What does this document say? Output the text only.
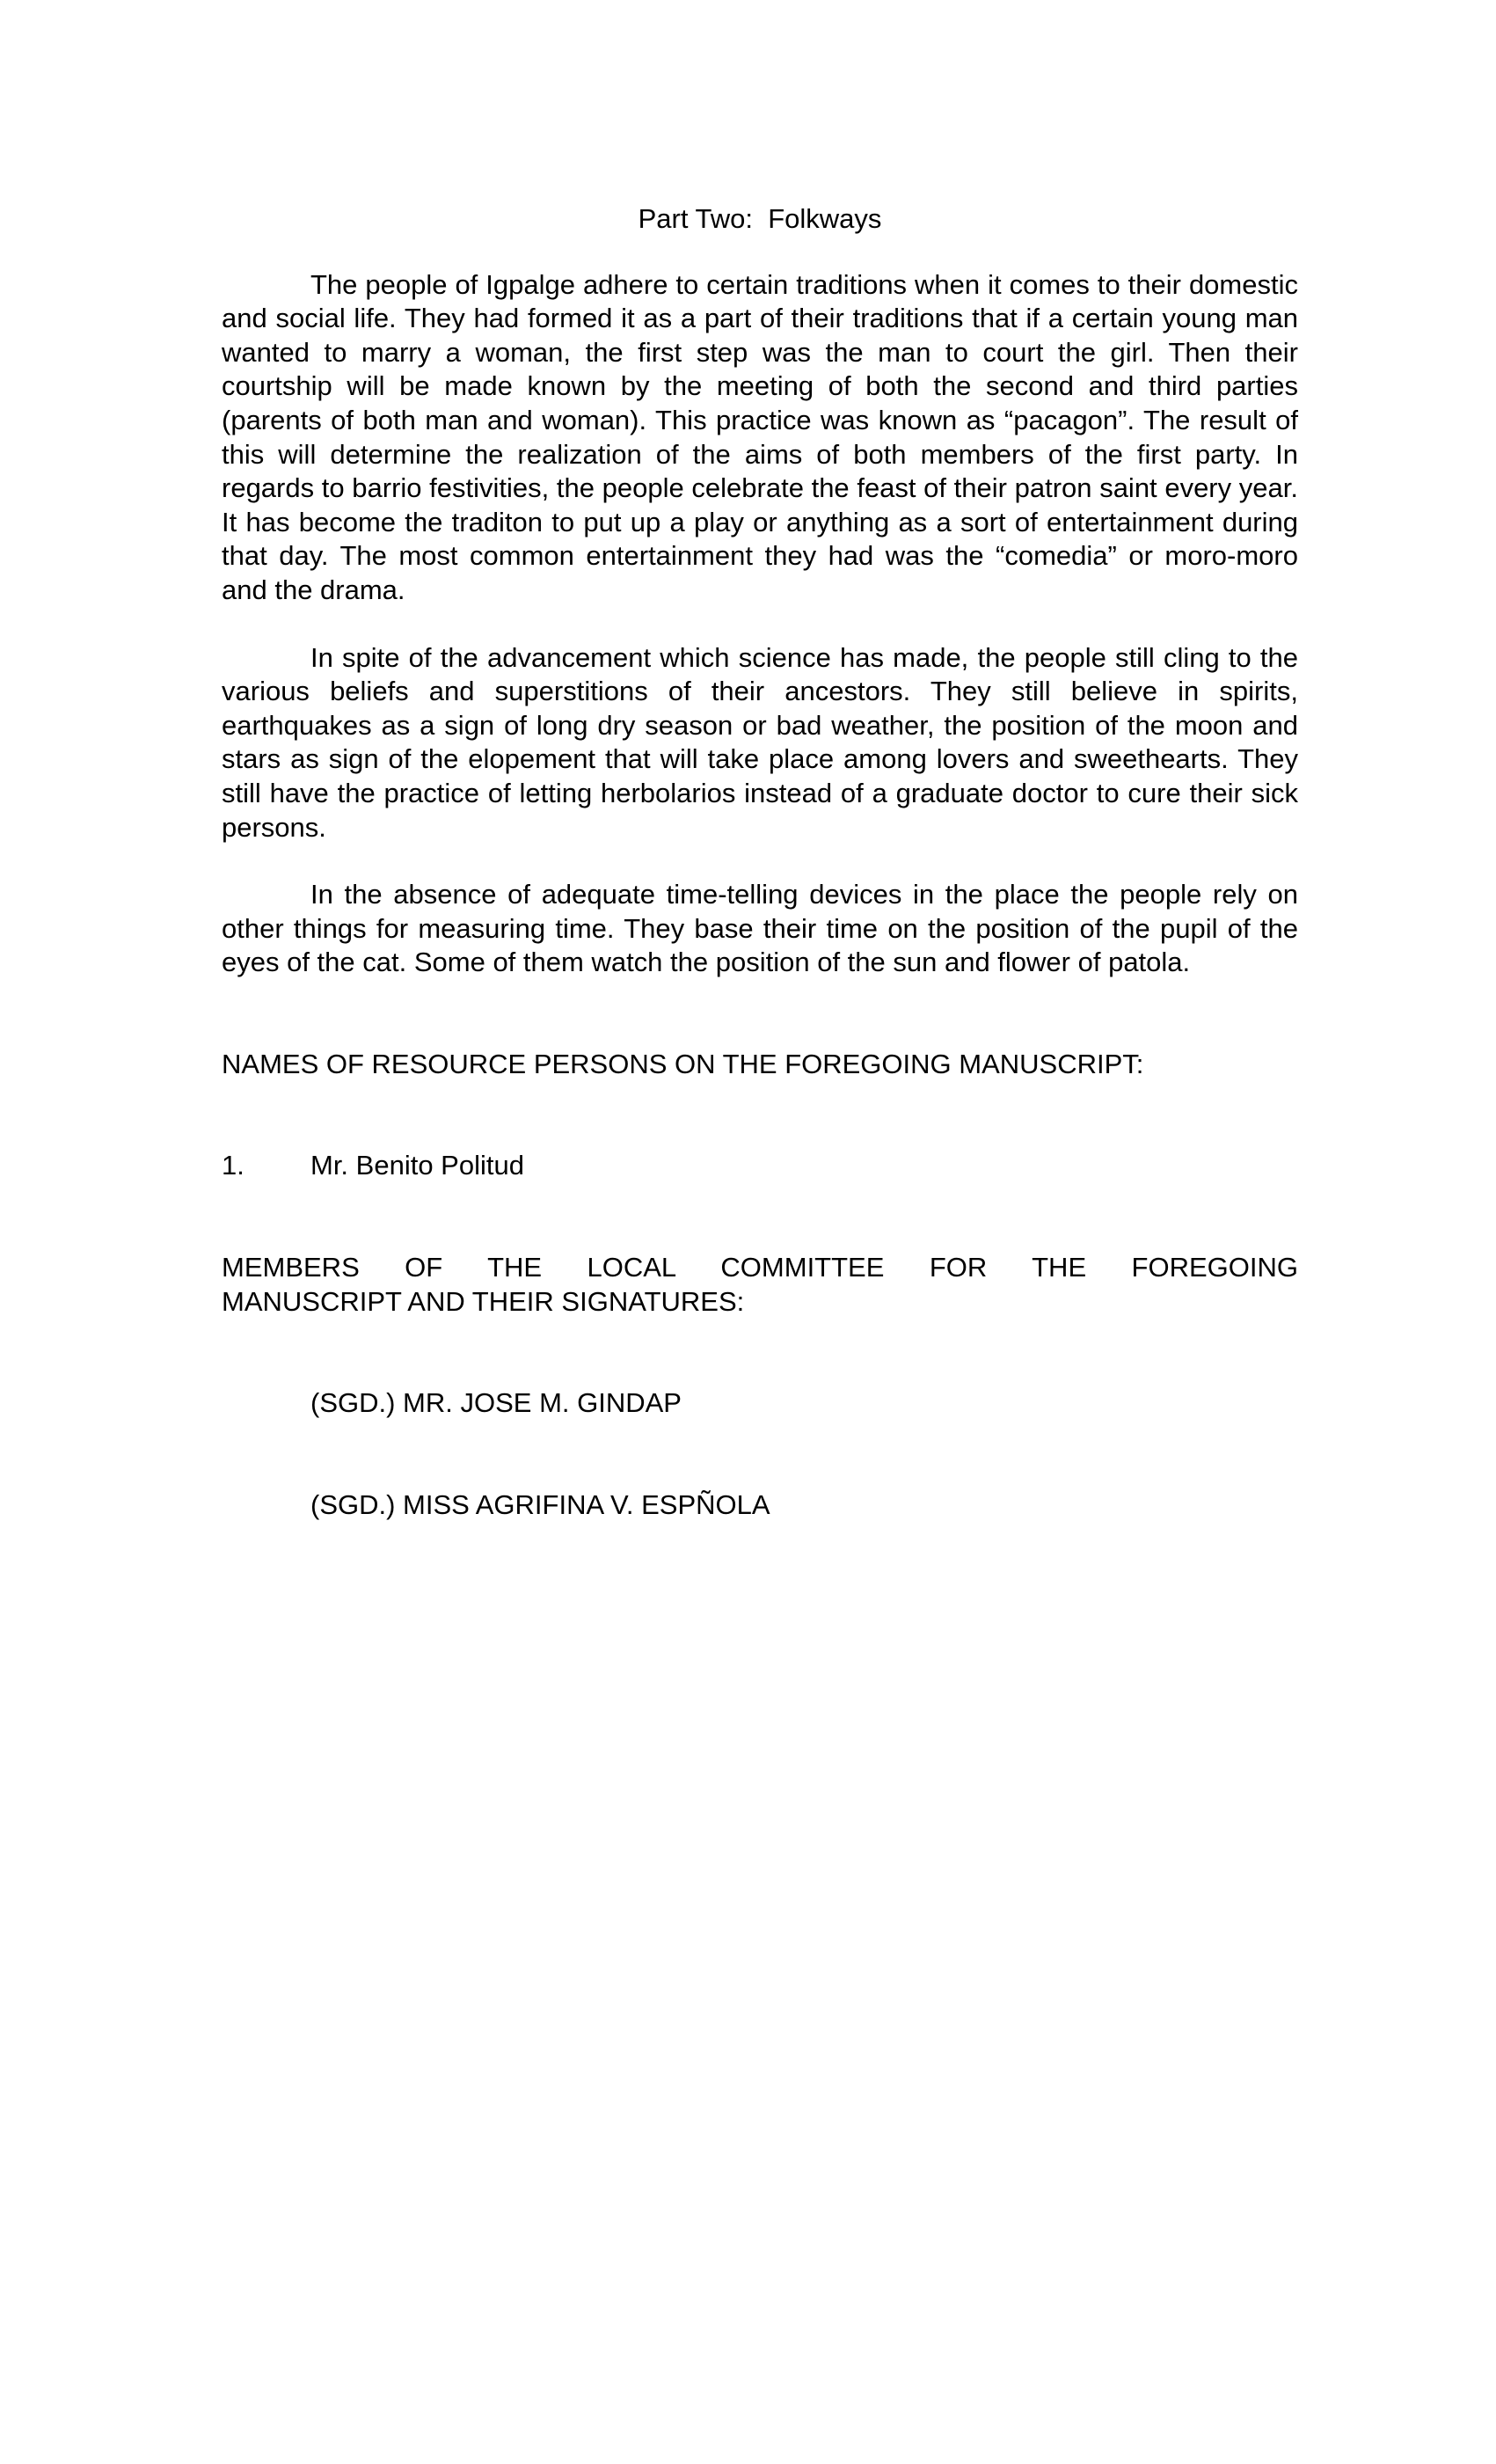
Part Two:  Folkways

The people of Igpalge adhere to certain traditions when it comes to their domestic and social life. They had formed it as a part of their traditions that if a certain young man wanted to marry a woman, the first step was the man to court the girl. Then their courtship will be made known by the meeting of both the second and third parties (parents of both man and woman). This practice was known as “pacagon”. The result of this will determine the realization of the aims of both members of the first party. In regards to barrio festivities, the people celebrate the feast of their patron saint every year. It has become the traditon to put up a play or anything as a sort of entertainment during that day. The most common entertainment they had was the “comedia” or moro-moro and the drama.

In spite of the advancement which science has made, the people still cling to the various beliefs and superstitions of their ancestors. They still believe in spirits, earthquakes as a sign of long dry season or bad weather, the position of the moon and stars as sign of the elopement that will take place among lovers and sweethearts. They still have the practice of letting herbolarios instead of a graduate doctor to cure their sick persons.

In the absence of adequate time-telling devices in the place the people rely on other things for measuring time. They base their time on the position of the pupil of the eyes of the cat. Some of them watch the position of the sun and flower of patola.

NAMES OF RESOURCE PERSONS ON THE FOREGOING MANUSCRIPT:
1.	Mr. Benito Politud
MEMBERS OF THE LOCAL COMMITTEE FOR THE FOREGOING
MANUSCRIPT AND THEIR SIGNATURES:
(SGD.) MR. JOSE M. GINDAP
(SGD.) MISS AGRIFINA V. ESPÑOLA
